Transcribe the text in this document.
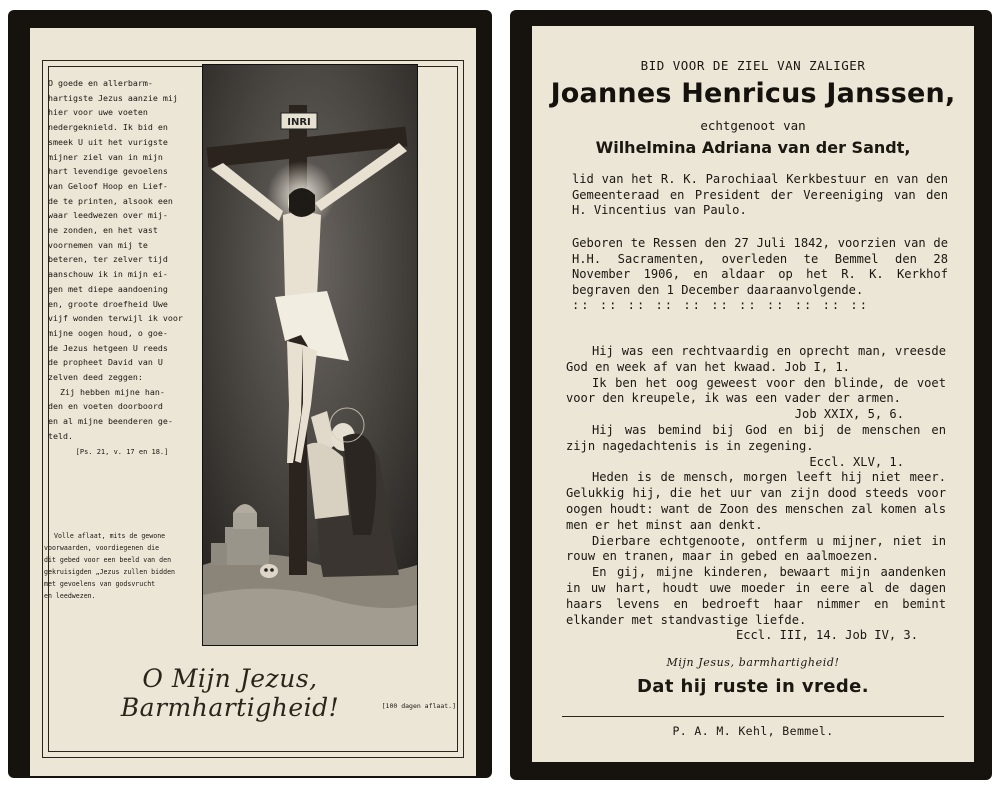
O goede en allerbarm-
hartigste Jezus aanzie mij
hier voor uwe voeten
nedergeknield. Ik bid en
smeek U uit het vurigste
mijner ziel van in mijn
hart levendige gevoelens
van Geloof Hoop en Lief-
de te printen, alsook een
waar leedwezen over mij-
ne zonden, en het vast
voornemen van mij te
beteren, ter zelver tijd
aanschouw ik in mijn ei-
gen met diepe aandoening
en, groote droefheid Uwe
vijf wonden terwijl ik voor
mijne oogen houd, o goe-
de Jezus hetgeen U reeds
de propheet David van U
zelven deed zeggen:

Zij hebben mijne han-
den en voeten doorboord
en al mijne beenderen ge-
teld.

[Ps. 21, v. 17 en 18.]

Volle aflaat, mits de gewone
voorwaarden, voordiegenen die
dit gebed voor een beeld van den
gekruisigden „Jezus zullen bidden
met gevoelens van godsvrucht
en leedwezen.

INRI
O Mijn Jezus, Barmhartigheid!	[100 dagen aflaat.]
BID VOOR DE ZIEL VAN ZALIGER
Joannes Henricus Janssen,
echtgenoot van
Wilhelmina Adriana van der Sandt,

lid van het R. K. Parochiaal Kerkbestuur en van den Gemeenteraad en President der Vereeniging van den H. Vincentius van Paulo.

Geboren te Ressen den 27 Juli 1842, voorzien van de H.H. Sacramenten, overleden te Bemmel den 28 November 1906, en aldaar op het R. K. Kerkhof begraven den 1 December daaraanvolgende.

:: :: :: :: :: :: :: :: :: :: ::

Hij was een rechtvaardig en oprecht man, vreesde God en week af van het kwaad. Job I, 1.

Ik ben het oog geweest voor den blinde, de voet voor den kreupele, ik was een vader der armen.

Job XXIX, 5, 6.

Hij was bemind bij God en bij de menschen en zijn nagedachtenis is in zegening.

Eccl. XLV, 1.

Heden is de mensch, morgen leeft hij niet meer. Gelukkig hij, die het uur van zijn dood steeds voor oogen houdt: want de Zoon des menschen zal komen als men er het minst aan denkt.

Dierbare echtgenoote, ontferm u mijner, niet in rouw en tranen, maar in gebed en aalmoezen.

En gij, mijne kinderen, bewaart mijn aandenken in uw hart, houdt uwe moeder in eere al de dagen haars levens en bedroeft haar nimmer en bemint elkander met standvastige liefde.

Eccl. III, 14. Job IV, 3.

Mijn Jesus, barmhartigheid!
Dat hij ruste in vrede.
P. A. M. Kehl, Bemmel.
